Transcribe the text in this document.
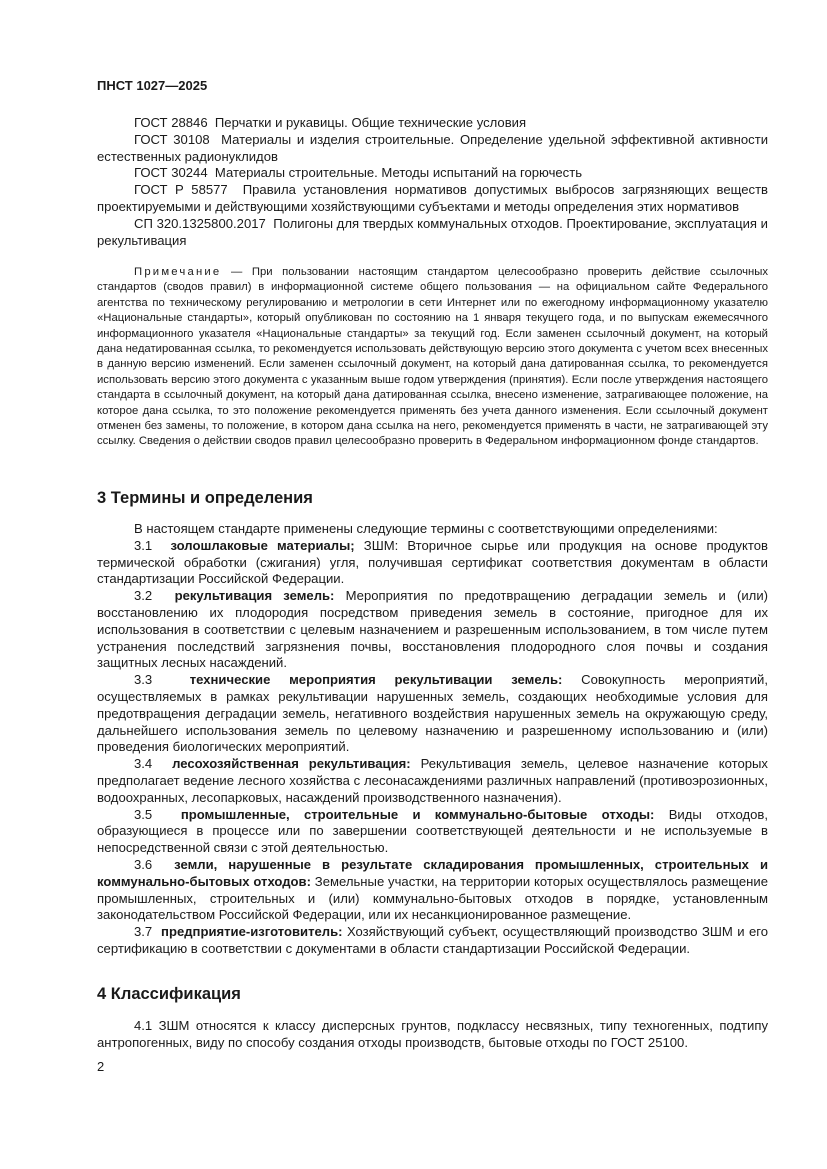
ПНСТ 1027—2025

ГОСТ 28846 Перчатки и рукавицы. Общие технические условия

ГОСТ 30108 Материалы и изделия строительные. Определение удельной эффективной активности естественных радионуклидов

ГОСТ 30244 Материалы строительные. Методы испытаний на горючесть

ГОСТ Р 58577 Правила установления нормативов допустимых выбросов загрязняющих веществ проектируемыми и действующими хозяйствующими субъектами и методы определения этих нормативов

СП 320.1325800.2017 Полигоны для твердых коммунальных отходов. Проектирование, эксплуатация и рекультивация

Примечание — При пользовании настоящим стандартом целесообразно проверить действие ссылочных стандартов (сводов правил) в информационной системе общего пользования — на официальном сайте Федерального агентства по техническому регулированию и метрологии в сети Интернет или по ежегодному информационному указателю «Национальные стандарты», который опубликован по состоянию на 1 января текущего года, и по выпускам ежемесячного информационного указателя «Национальные стандарты» за текущий год. Если заменен ссылочный документ, на который дана недатированная ссылка, то рекомендуется использовать действующую версию этого документа с учетом всех внесенных в данную версию изменений. Если заменен ссылочный документ, на который дана датированная ссылка, то рекомендуется использовать версию этого документа с указанным выше годом утверждения (принятия). Если после утверждения настоящего стандарта в ссылочный документ, на который дана датированная ссылка, внесено изменение, затрагивающее положение, на которое дана ссылка, то это положение рекомендуется применять без учета данного изменения. Если ссылочный документ отменен без замены, то положение, в котором дана ссылка на него, рекомендуется применять в части, не затрагивающей эту ссылку. Сведения о действии сводов правил целесообразно проверить в Федеральном информационном фонде стандартов.

3 Термины и определения

В настоящем стандарте применены следующие термины с соответствующими определениями:

3.1 золошлаковые материалы; ЗШМ: Вторичное сырье или продукция на основе продуктов термической обработки (сжигания) угля, получившая сертификат соответствия документам в области стандартизации Российской Федерации.

3.2 рекультивация земель: Мероприятия по предотвращению деградации земель и (или) восстановлению их плодородия посредством приведения земель в состояние, пригодное для их использования в соответствии с целевым назначением и разрешенным использованием, в том числе путем устранения последствий загрязнения почвы, восстановления плодородного слоя почвы и создания защитных лесных насаждений.

3.3	технические мероприятия рекультивации земель: Совокупность мероприятий, осуществляемых в рамках рекультивации нарушенных земель, создающих необходимые условия для предотвращения деградации земель, негативного воздействия нарушенных земель на окружающую среду, дальнейшего использования земель по целевому назначению и разрешенному использованию и (или) проведения биологических мероприятий.

3.4 лесохозяйственная рекультивация: Рекультивация земель, целевое назначение которых предполагает ведение лесного хозяйства с лесонасаждениями различных направлений (противоэрозионных, водоохранных, лесопарковых, насаждений производственного назначения).

3.5 промышленные, строительные и коммунально-бытовые отходы: Виды отходов, образующиеся в процессе или по завершении соответствующей деятельности и не используемые в непосредственной связи с этой деятельностью.

3.6 земли, нарушенные в результате складирования промышленных, строительных и коммунально-бытовых отходов: Земельные участки, на территории которых осуществлялось размещение промышленных, строительных и (или) коммунально-бытовых отходов в порядке, установленным законодательством Российской Федерации, или их несанкционированное размещение.

3.7 предприятие-изготовитель: Хозяйствующий субъект, осуществляющий производство ЗШМ и его сертификацию в соответствии с документами в области стандартизации Российской Федерации.

4 Классификация

4.1 ЗШМ относятся к классу дисперсных грунтов, подклассу несвязных, типу техногенных, подтипу антропогенных, виду по способу создания отходы производств, бытовые отходы по ГОСТ 25100.

2
